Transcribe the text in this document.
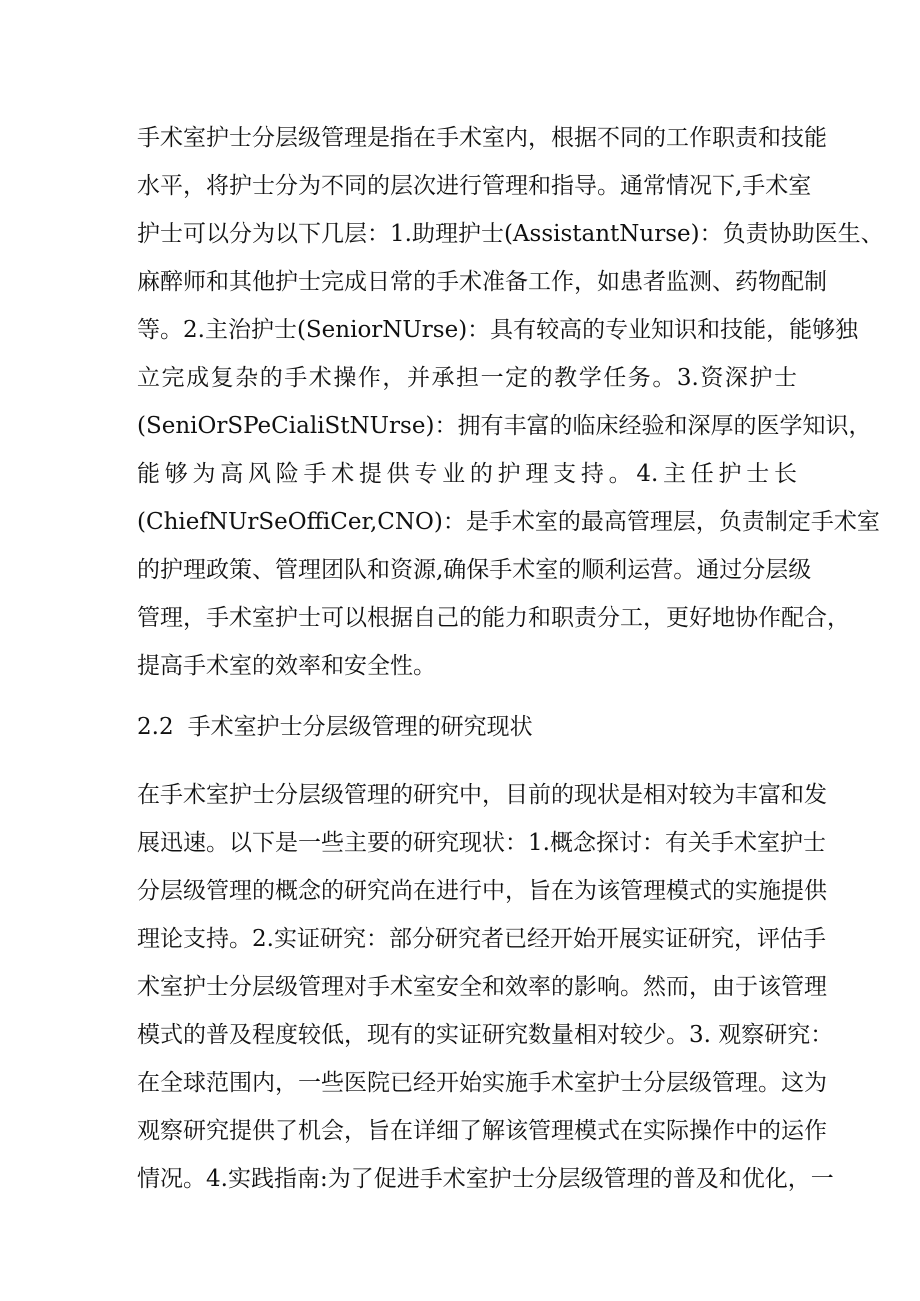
手术室护士分层级管理是指在手术室内，根据不同的工作职责和技能
水平，将护士分为不同的层次进行管理和指导。通常情况下,手术室
护士可以分为以下几层：1.助理护士(AssistantNurse)：负责协助医生、
麻醉师和其他护士完成日常的手术准备工作，如患者监测、药物配制
等。2.主治护士(SeniorNUrse)：具有较高的专业知识和技能，能够独
立完成复杂的手术操作，并承担一定的教学任务。3.资深护士
(SeniOrSPeCialiStNUrse)：拥有丰富的临床经验和深厚的医学知识，
能够为高风险手术提供专业的护理支持。4.主任护士长
(ChiefNUrSeOffiCer,CNO)：是手术室的最高管理层，负责制定手术室
的护理政策、管理团队和资源,确保手术室的顺利运营。通过分层级
管理，手术室护士可以根据自己的能力和职责分工，更好地协作配合，
提高手术室的效率和安全性。
2.2 手术室护士分层级管理的研究现状
在手术室护士分层级管理的研究中，目前的现状是相对较为丰富和发
展迅速。以下是一些主要的研究现状：1.概念探讨：有关手术室护士
分层级管理的概念的研究尚在进行中，旨在为该管理模式的实施提供
理论支持。2.实证研究：部分研究者已经开始开展实证研究，评估手
术室护士分层级管理对手术室安全和效率的影响。然而，由于该管理
模式的普及程度较低，现有的实证研究数量相对较少。3. 观察研究：
在全球范围内，一些医院已经开始实施手术室护士分层级管理。这为
观察研究提供了机会，旨在详细了解该管理模式在实际操作中的运作
情况。4.实践指南:为了促进手术室护士分层级管理的普及和优化，一
